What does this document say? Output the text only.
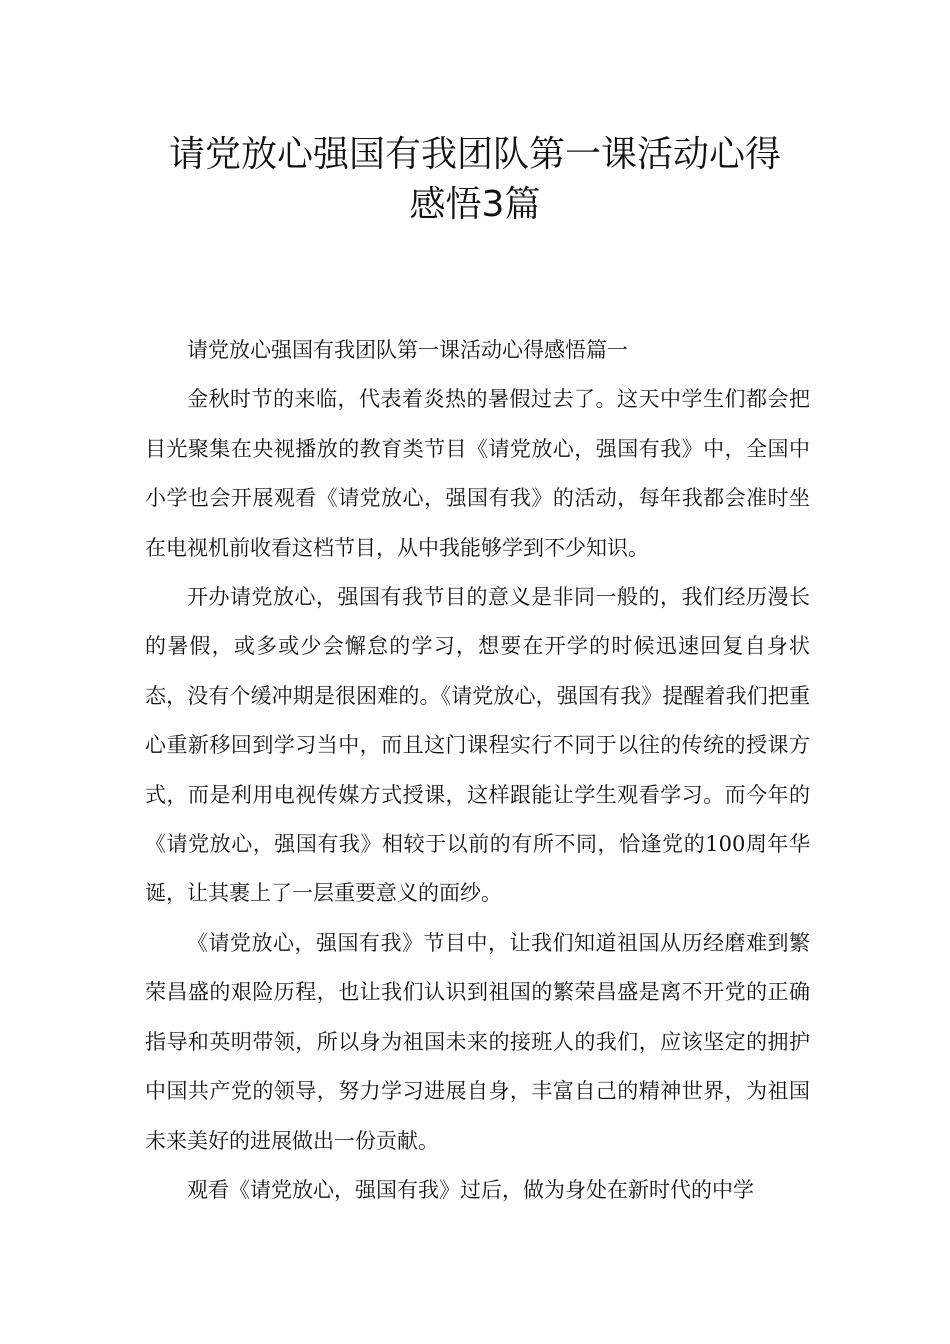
请党放心强国有我团队第一课活动心得
感悟3篇

请党放心强国有我团队第一课活动心得感悟篇一

金秋时节的来临，代表着炎热的暑假过去了。这天中学生们都会把目光聚集在央视播放的教育类节目《请党放心，强国有我》中，全国中小学也会开展观看《请党放心，强国有我》的活动，每年我都会准时坐在电视机前收看这档节目，从中我能够学到不少知识。

开办请党放心，强国有我节目的意义是非同一般的，我们经历漫长的暑假，或多或少会懈怠的学习，想要在开学的时候迅速回复自身状态，没有个缓冲期是很困难的。《请党放心，强国有我》提醒着我们把重心重新移回到学习当中，而且这门课程实行不同于以往的传统的授课方式，而是利用电视传媒方式授课，这样跟能让学生观看学习。而今年的《请党放心，强国有我》相较于以前的有所不同，恰逢党的100周年华诞，让其裹上了一层重要意义的面纱。

《请党放心，强国有我》节目中，让我们知道祖国从历经磨难到繁荣昌盛的艰险历程，也让我们认识到祖国的繁荣昌盛是离不开党的正确指导和英明带领，所以身为祖国未来的接班人的我们，应该坚定的拥护中国共产党的领导，努力学习进展自身，丰富自己的精神世界，为祖国未来美好的进展做出一份贡献。

观看《请党放心，强国有我》过后，做为身处在新时代的中学
